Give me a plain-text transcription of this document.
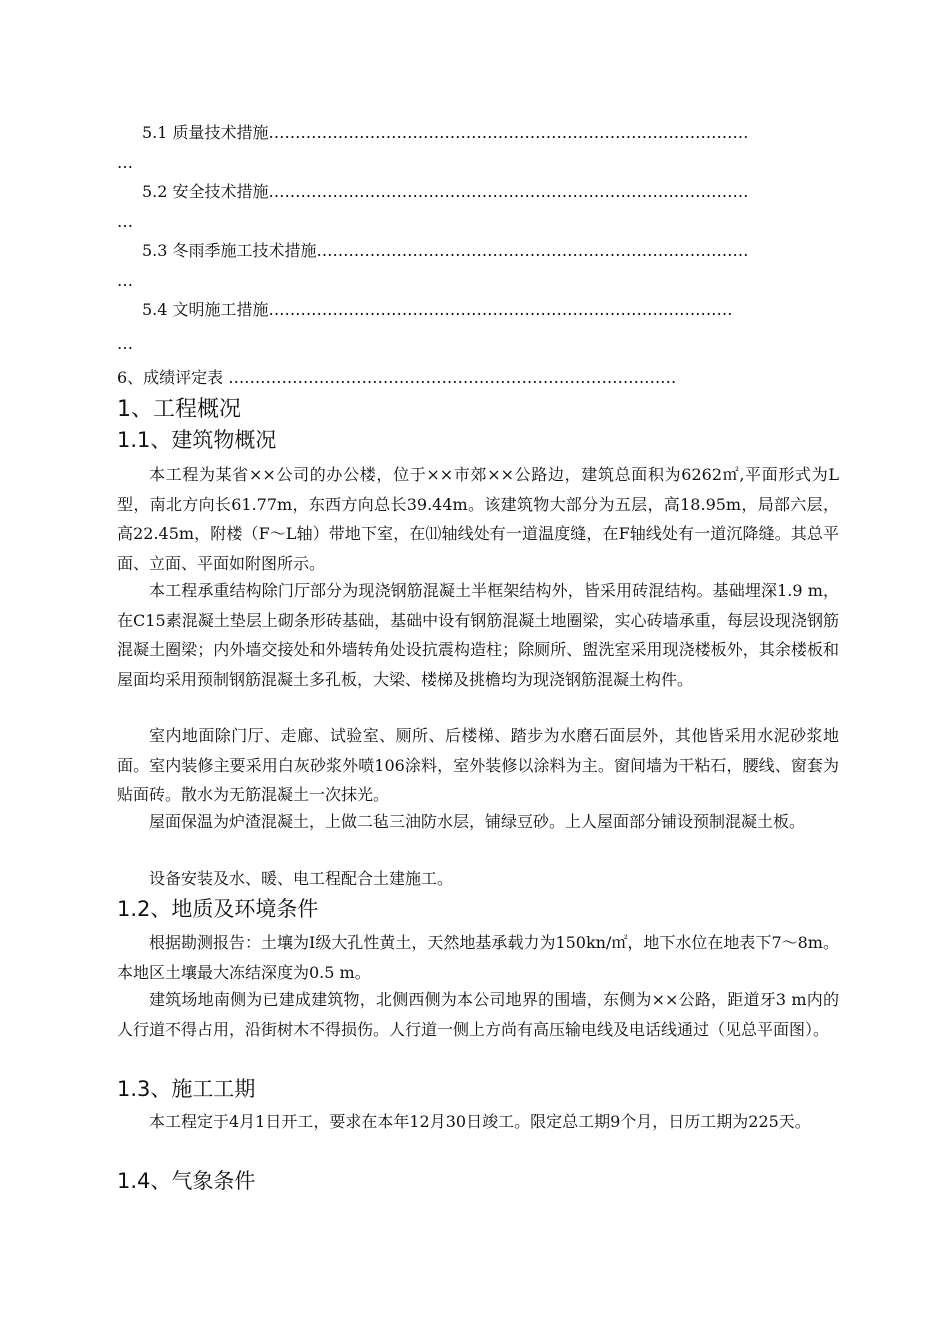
5.1 质量技术措施………………………………………………………………………………
…
5.2 安全技术措施………………………………………………………………………………
…
5.3 冬雨季施工技术措施………………………………………………………………………
…
5.4 文明施工措施……………………………………………………………………………
…
6、成绩评定表 …………………………………………………………………………
1、工程概况
1.1、建筑物概况

本工程为某省××公司的办公楼，位于××市郊××公路边，建筑总面积为6262㎡,平面形式为L型，南北方向长61.77m，东西方向总长39.44m。该建筑物大部分为五层，高18.95m，局部六层，高22.45m，附楼（F～L轴）带地下室，在⑾轴线处有一道温度缝，在F轴线处有一道沉降缝。其总平面、立面、平面如附图所示。

本工程承重结构除门厅部分为现浇钢筋混凝土半框架结构外，皆采用砖混结构。基础埋深1.9 m，在C15素混凝土垫层上砌条形砖基础，基础中设有钢筋混凝土地圈梁，实心砖墙承重，每层设现浇钢筋混凝土圈梁；内外墙交接处和外墙转角处设抗震构造柱；除厕所、盥洗室采用现浇楼板外，其余楼板和屋面均采用预制钢筋混凝土多孔板，大梁、楼梯及挑檐均为现浇钢筋混凝土构件。

室内地面除门厅、走廊、试验室、厕所、后楼梯、踏步为水磨石面层外，其他皆采用水泥砂浆地面。室内装修主要采用白灰砂浆外喷106涂料，室外装修以涂料为主。窗间墙为干粘石，腰线、窗套为贴面砖。散水为无筋混凝土一次抹光。

屋面保温为炉渣混凝土，上做二毡三油防水层，铺绿豆砂。上人屋面部分铺设预制混凝土板。

设备安装及水、暖、电工程配合土建施工。

1.2、地质及环境条件

根据勘测报告：土壤为Ⅰ级大孔性黄土，天然地基承载力为150kn/㎡，地下水位在地表下7～8m。本地区土壤最大冻结深度为0.5 m。

建筑场地南侧为已建成建筑物，北侧西侧为本公司地界的围墙，东侧为××公路，距道牙3 m内的人行道不得占用，沿街树木不得损伤。人行道一侧上方尚有高压输电线及电话线通过（见总平面图）。

1.3、施工工期

本工程定于4月1日开工，要求在本年12月30日竣工。限定总工期9个月，日历工期为225天。

1.4、气象条件
